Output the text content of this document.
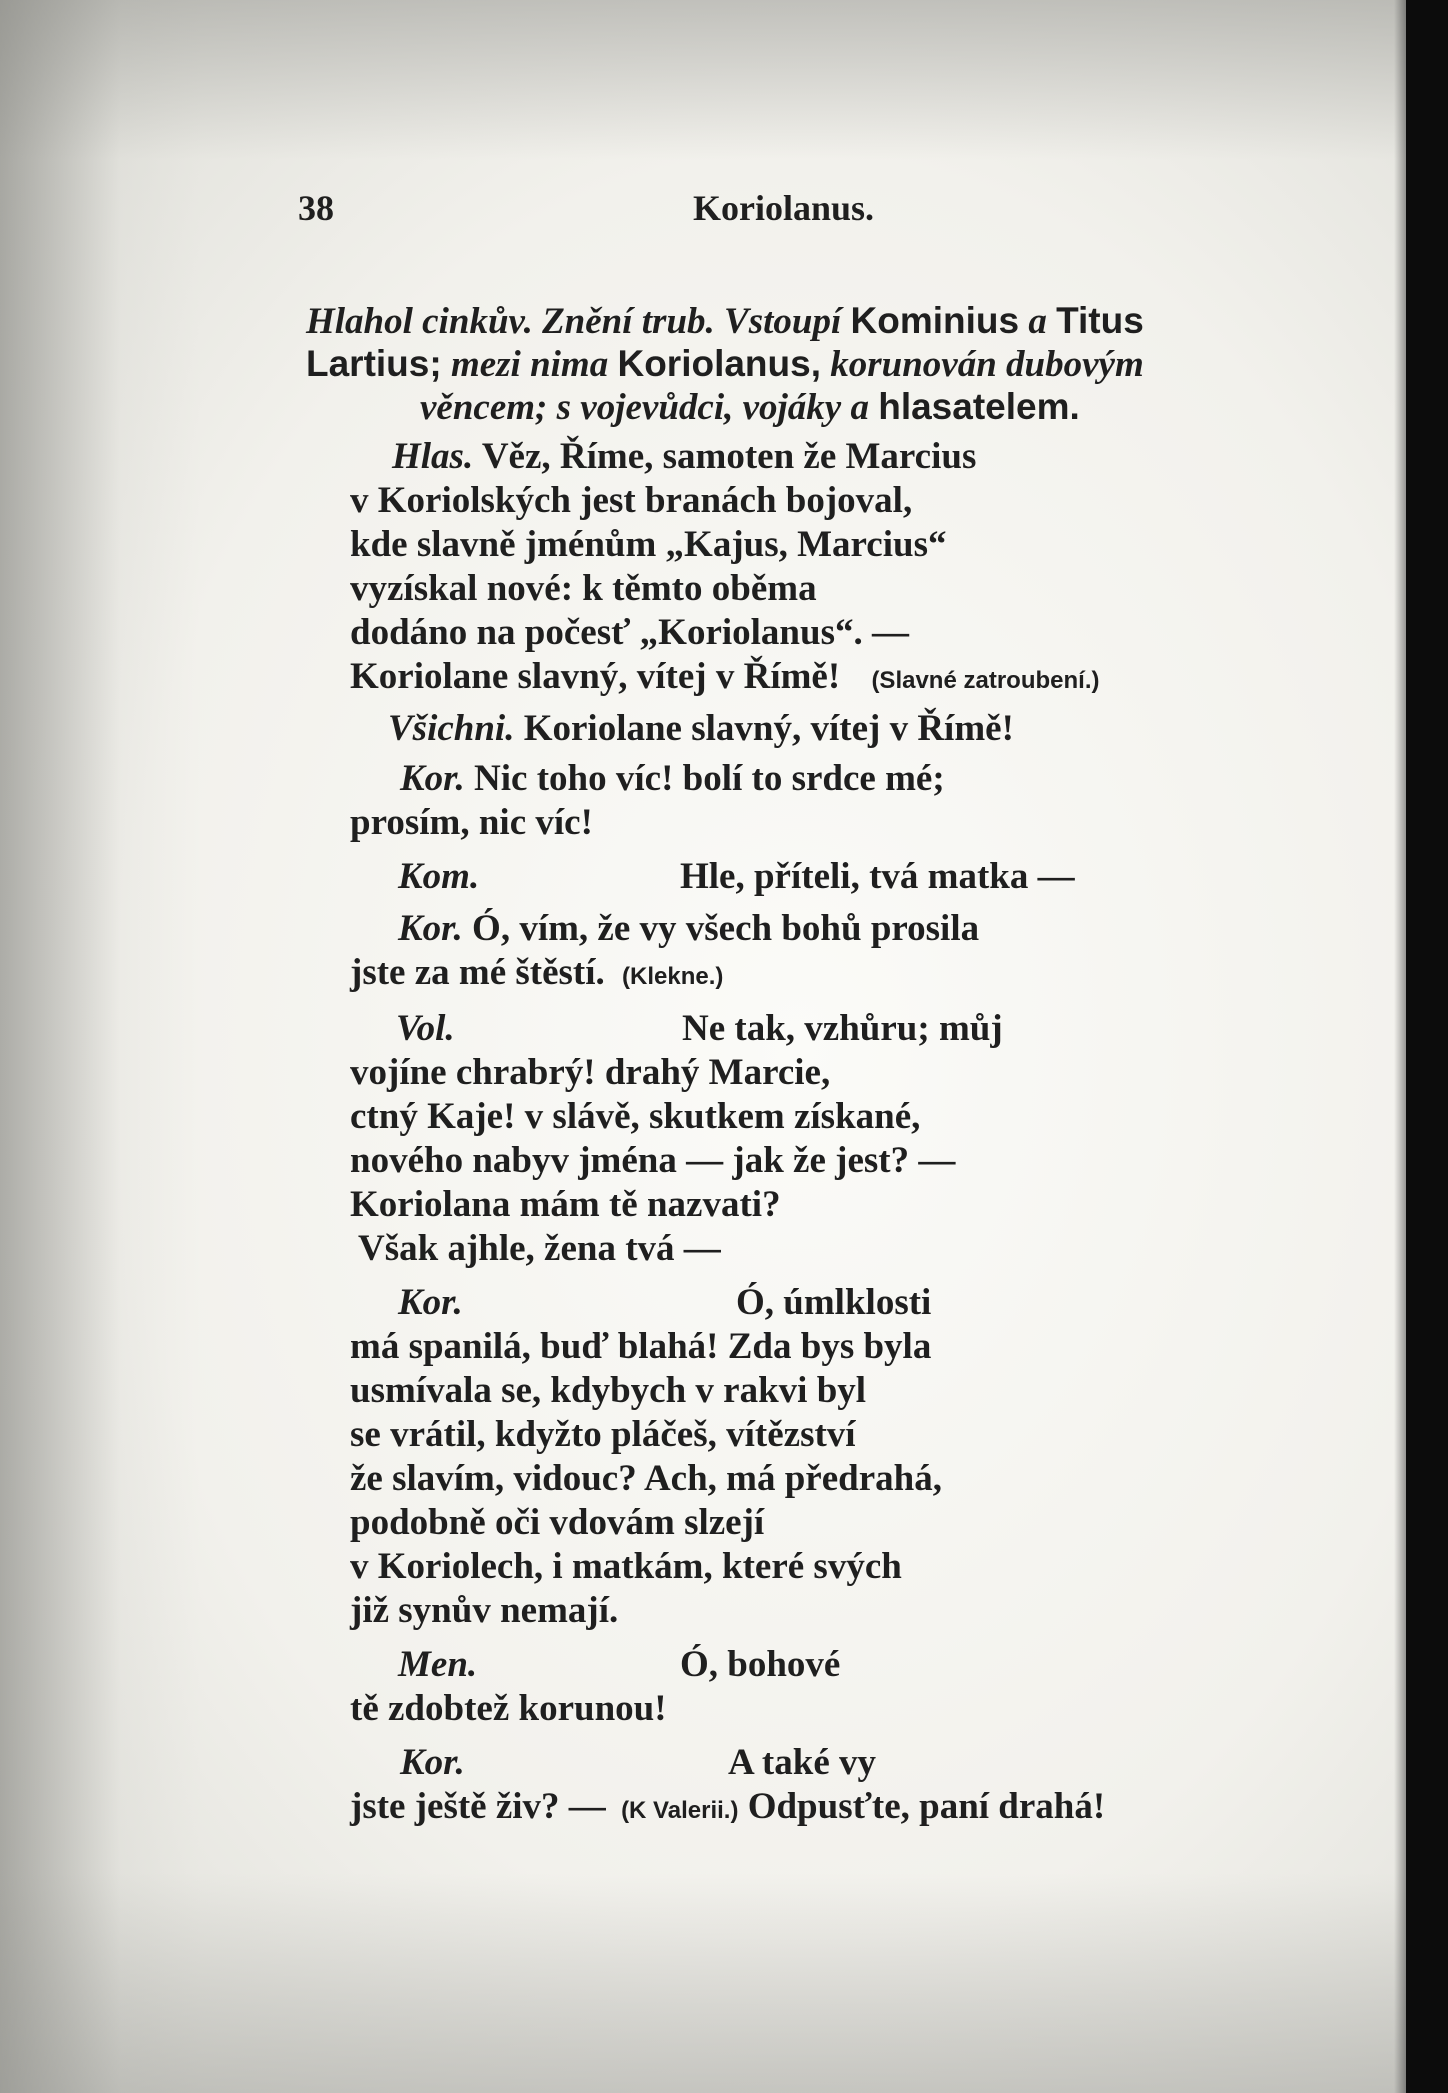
38	Koriolanus.
Hlahol cinkův. Znění trub. Vstoupí Kominius a Titus
Lartius; mezi nima Koriolanus, korunován dubovým
věncem; s vojevůdci, vojáky a hlasatelem.
Hlas. Věz, Říme, samoten že Marcius
v Koriolských jest branách bojoval,
kde slavně jménům „Kajus, Marcius“
vyzískal nové: k těmto oběma
dodáno na počesť „Koriolanus“. —
Koriolane slavný, vítej v Římě! (Slavné zatroubení.)
Všichni. Koriolane slavný, vítej v Římě!
Kor. Nic toho víc! bolí to srdce mé;
prosím, nic víc!
Kom.	Hle, příteli, tvá matka —
Kor. Ó, vím, že vy všech bohů prosila
jste za mé štěstí. (Klekne.)
Vol.	Ne tak, vzhůru; můj
vojíne chrabrý! drahý Marcie,
ctný Kaje! v slávě, skutkem získané,
nového nabyv jména — jak že jest? —
Koriolana mám tě nazvati?
Však ajhle, žena tvá —
Kor.	Ó, úmlklosti
má spanilá, buď blahá! Zda bys byla
usmívala se, kdybych v rakvi byl
se vrátil, kdyžto pláčeš, vítězství
že slavím, vidouc? Ach, má předrahá,
podobně oči vdovám slzejí
v Koriolech, i matkám, které svých
již synův nemají.
Men.	Ó, bohové
tě zdobtež korunou!
Kor.	A také vy
jste ještě živ? — (K Valerii.) Odpusťte, paní drahá!
